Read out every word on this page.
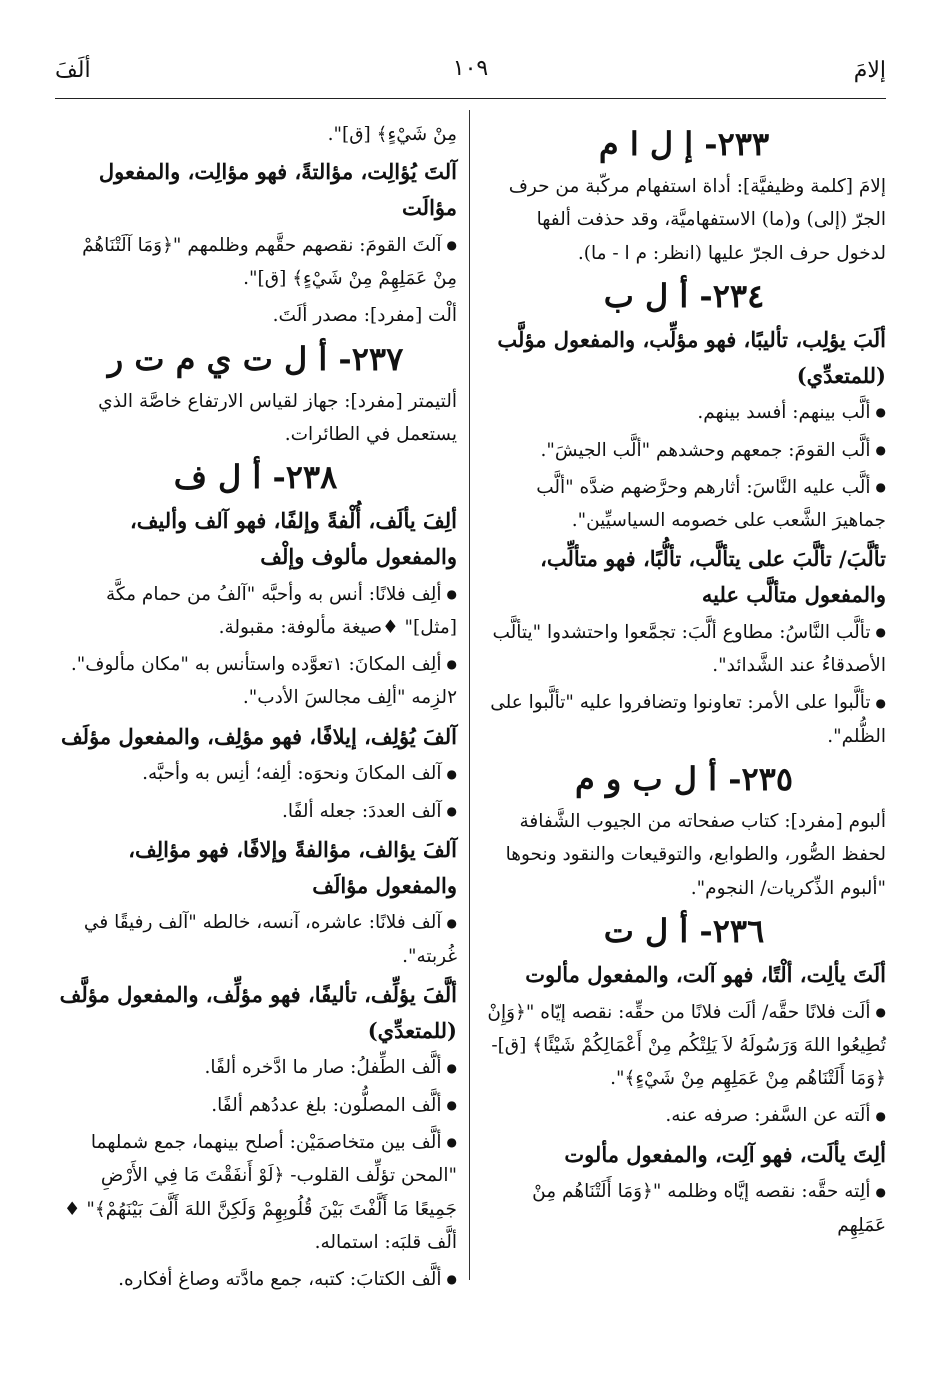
إلامَ
١٠٩
ألَفَ
٢٣٣- إ ل ا م

إلامَ [كلمة وظيفيَّة]: أداة استفهام مركّبة من حرف الجرّ (إلى) و(ما) الاستفهاميَّة، وقد حذفت ألفها لدخول حرف الجرّ عليها (انظر: م ا - ما).

٢٣٤- أ ل ب

ألَبَ يؤلِب، تأليبًا، فهو مؤلِّب، والمفعول مؤلَّب (للمتعدِّي)

●ألَّب بينهم: أفسد بينهم.

●ألَّب القومَ: جمعهم وحشدهم "ألَّب الجيشَ".

●ألَّب عليه النَّاسَ: أثارهم وحرَّضهم ضدَّه "ألَّب جماهيرَ الشَّعب على خصومه السياسيِّين".

تألَّبَ/ تألَّبَ على يتألَّب، تألُّبًا، فهو متألِّب، والمفعول متألَّب عليه

●تألَّب النَّاسُ: مطاوع ألَّبَ: تجمَّعوا واحتشدوا "يتألَّب الأصدقاءُ عند الشَّدائد".

●تألَّبوا على الأمر: تعاونوا وتضافروا عليه "تألَّبوا على الظُّلم".

٢٣٥- أ ل ب و م

ألبوم [مفرد]: كتاب صفحاته من الجيوب الشَّفافة لحفظ الصُّور، والطوابع، والتوقيعات والنقود ونحوها "ألبوم الذِّكريات/ النجوم".

٢٣٦- أ ل ت

ألَتَ يألِت، ألْتًا، فهو آلت، والمفعول مألوت

●ألَت فلانًا حقَّه/ ألَت فلانًا من حقِّه: نقصه إيّاه "﴿وَإِنْ تُطِيعُوا اللهَ وَرَسُولَهُ لاَ يَلِتْكُم مِنْ أَعْمَالِكُمْ شَيْئًا﴾ [ق]- ﴿وَمَا أَلَتْنَاهُم مِنْ عَمَلِهِم مِنْ شَيْءٍ﴾".

●ألَته عن السَّفر: صرفه عنه.

ألِتَ يألَت، فهو آلِت، والمفعول مألوت

●ألِته حقَّه: نقصه إيَّاه وظلمه "﴿وَمَا أَلَتْنَاهُم مِنْ عَمَلِهِم

مِنْ شَيْءٍ﴾ [ق]".

آلتَ يُؤالِت، مؤالتةً، فهو مؤالِت، والمفعول مؤالَت

●آلتَ القومَ: نقصهم حقَّهم وظلمهم "﴿وَمَا آلَتْنَاهُمْ مِنْ عَمَلِهِمْ مِنْ شَيْءٍ﴾ [ق]".

ألْت [مفرد]: مصدر ألَتَ.

٢٣٧- أ ل ت ي م ت ر

ألتيمتر [مفرد]: جهاز لقياس الارتفاع خاصَّة الذي يستعمل في الطائرات.

٢٣٨- أ ل ف

ألِفَ يألَف، أُلْفةً وإلفًا، فهو آلف وأليف، والمفعول مألوف وإلْف

●ألِف فلانًا: أنس به وأحبَّه "آلفُ من حمام مكَّة [مثل]" ♦صيغة مألوفة: مقبولة.

●ألِف المكانَ: ١تعوَّده واستأنس به "مكان مألوف". ٢لزِمه "ألِف مجالسَ الأدب".

آلفَ يُؤلِف، إيلافًا، فهو مؤلِف، والمفعول مؤلَف

●آلف المكانَ ونحوَه: ألِفه؛ أنِس به وأحبَّه.

●آلف العددَ: جعله ألفًا.

آلفَ يؤالف، مؤالفةً وإلافًا، فهو مؤالِف، والمفعول مؤالَف

●آلف فلانًا: عاشره، آنسه، خالطه "آلف رفيقًا في غُربته".

ألَّفَ يؤلِّف، تأليفًا، فهو مؤلِّف، والمفعول مؤلَّف (للمتعدِّي)

●ألَّف الطِّفلُ: صار ما ادَّخره ألفًا.

●ألَّف المصلُّون: بلغ عددُهم ألفًا.

●ألَّف بين متخاصمَيْن: أصلح بينهما، جمع شملهما "المحن تؤلِّف القلوب- ﴿لَوْ أَنفَقْتَ مَا فِي الأَرْضِ جَمِيعًا مَا أَلَّفْتَ بَيْنَ قُلُوبِهِمْ وَلَكِنَّ اللهَ أَلَّفَ بَيْنَهُمْ﴾" ♦ ألَّف قلبَه: استماله.

●ألَّف الكتابَ: كتبه، جمع مادَّته وصاغ أفكاره.
